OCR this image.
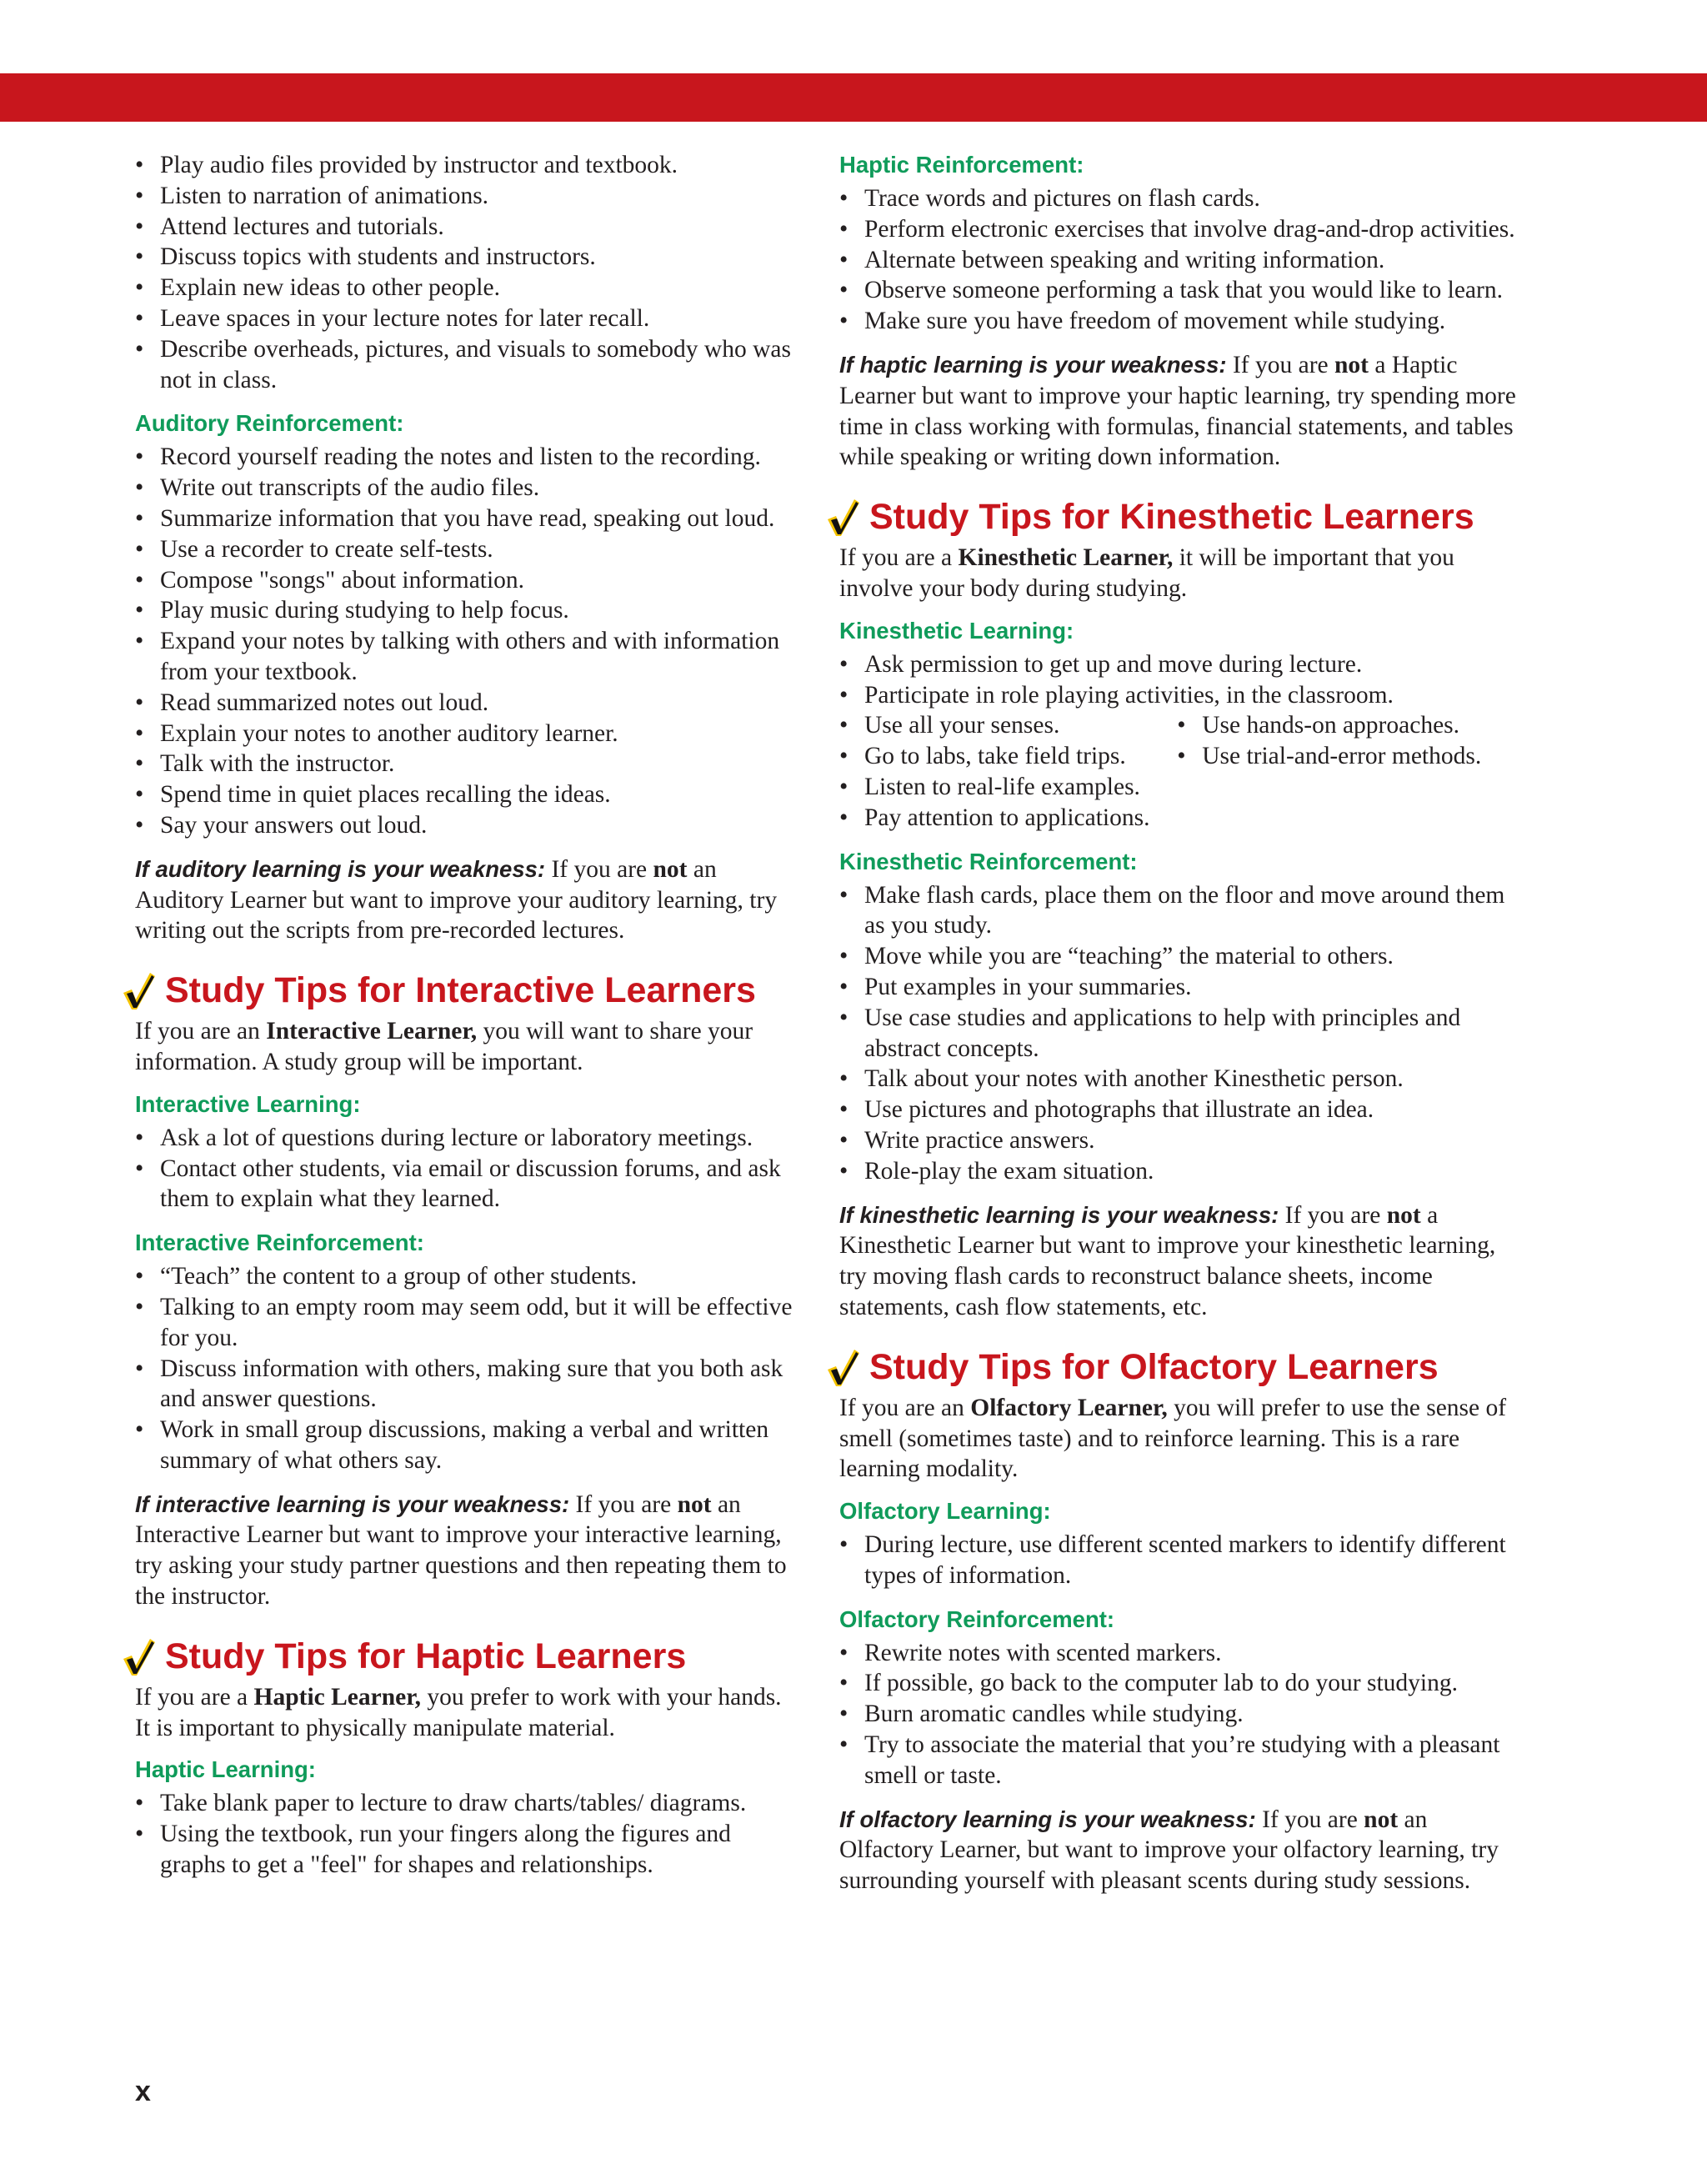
• Play audio files provided by instructor and textbook.
• Listen to narration of animations.
• Attend lectures and tutorials.
• Discuss topics with students and instructors.
• Explain new ideas to other people.
• Leave spaces in your lecture notes for later recall.
• Describe overheads, pictures, and visuals to somebody who was not in class.

Auditory Reinforcement:

• Record yourself reading the notes and listen to the recording.
• Write out transcripts of the audio files.
• Summarize information that you have read, speaking out loud.
• Use a recorder to create self-tests.
• Compose "songs" about information.
• Play music during studying to help focus.
• Expand your notes by talking with others and with information from your textbook.
• Read summarized notes out loud.
• Explain your notes to another auditory learner.
• Talk with the instructor.
• Spend time in quiet places recalling the ideas.
• Say your answers out loud.

If auditory learning is your weakness: If you are not an Auditory Learner but want to improve your auditory learning, try writing out the scripts from pre-recorded lectures.

Study Tips for Interactive Learners

If you are an Interactive Learner, you will want to share your information. A study group will be important.

Interactive Learning:

• Ask a lot of questions during lecture or laboratory meetings.
• Contact other students, via email or discussion forums, and ask them to explain what they learned.

Interactive Reinforcement:

• “Teach” the content to a group of other students.
• Talking to an empty room may seem odd, but it will be effective for you.
• Discuss information with others, making sure that you both ask and answer questions.
• Work in small group discussions, making a verbal and written summary of what others say.

If interactive learning is your weakness: If you are not an Interactive Learner but want to improve your interactive learning, try asking your study partner questions and then repeating them to the instructor.

Study Tips for Haptic Learners

If you are a Haptic Learner, you prefer to work with your hands. It is important to physically manipulate material.

Haptic Learning:

• Take blank paper to lecture to draw charts/tables/ diagrams.
• Using the textbook, run your fingers along the figures and graphs to get a "feel" for shapes and relationships.
x

Haptic Reinforcement:

• Trace words and pictures on flash cards.
• Perform electronic exercises that involve drag-and-drop activities.
• Alternate between speaking and writing information.
• Observe someone performing a task that you would like to learn.
• Make sure you have freedom of movement while studying.

If haptic learning is your weakness: If you are not a Haptic Learner but want to improve your haptic learning, try spending more time in class working with formulas, financial statements, and tables while speaking or writing down information.

Study Tips for Kinesthetic Learners

If you are a Kinesthetic Learner, it will be important that you involve your body during studying.

Kinesthetic Learning:

• Ask permission to get up and move during lecture.
• Participate in role playing activities, in the classroom.
• Use all your senses.
• Go to labs, take field trips.
• Use hands-on approaches.
• Use trial-and-error methods.
• Listen to real-life examples.
• Pay attention to applications.

Kinesthetic Reinforcement:

• Make flash cards, place them on the floor and move around them as you study.
• Move while you are “teaching” the material to others.
• Put examples in your summaries.
• Use case studies and applications to help with principles and abstract concepts.
• Talk about your notes with another Kinesthetic person.
• Use pictures and photographs that illustrate an idea.
• Write practice answers.
• Role-play the exam situation.

If kinesthetic learning is your weakness: If you are not a Kinesthetic Learner but want to improve your kinesthetic learning, try moving flash cards to reconstruct balance sheets, income statements, cash flow statements, etc.

Study Tips for Olfactory Learners

If you are an Olfactory Learner, you will prefer to use the sense of smell (sometimes taste) and to reinforce learning. This is a rare learning modality.

Olfactory Learning:

• During lecture, use different scented markers to identify different types of information.

Olfactory Reinforcement:

• Rewrite notes with scented markers.
• If possible, go back to the computer lab to do your studying.
• Burn aromatic candles while studying.
• Try to associate the material that you’re studying with a pleasant smell or taste.

If olfactory learning is your weakness: If you are not an Olfactory Learner, but want to improve your olfactory learning, try surrounding yourself with pleasant scents during study sessions.
